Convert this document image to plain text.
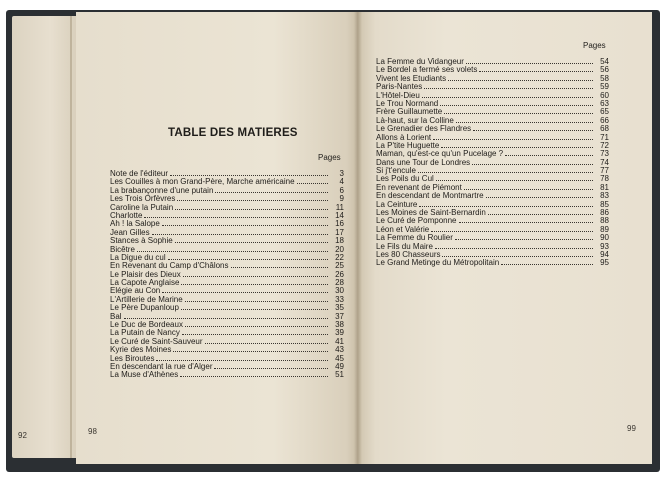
92
TABLE DES MATIERES
Pages
Note de l'éditeur	3
Les Couilles à mon Grand-Père, Marche américaine	4
La brabançonne d'une putain	6
Les Trois Orfèvres	9
Caroline la Putain	11
Charlotte	14
Ah ! la Salope	16
Jean Gilles	17
Stances à Sophie	18
Bicêtre	20
La Digue du cul	22
En Revenant du Camp d'Châlons	25
Le Plaisir des Dieux	26
La Capote Anglaise	28
Elégie au Con	30
L'Artillerie de Marine	33
Le Père Dupanloup	35
Bal	37
Le Duc de Bordeaux	38
La Putain de Nancy	39
Le Curé de Saint-Sauveur	41
Kyrie des Moines	43
Les Biroutes	45
En descendant la rue d'Alger	49
La Muse d'Athènes	51
98
Pages
La Femme du Vidangeur	54
Le Bordel a fermé ses volets	56
Vivent les Etudiants	58
Paris-Nantes	59
L'Hôtel-Dieu	60
Le Trou Normand	63
Frère Guillaumette	65
Là-haut, sur la Colline	66
Le Grenadier des Flandres	68
Allons à Lorient	71
La P'tite Huguette	72
Maman, qu'est-ce qu'un Pucelage ?	73
Dans une Tour de Londres	74
Si j't'encule	77
Les Poils du Cul	78
En revenant de Piémont	81
En descendant de Montmartre	83
La Ceinture	85
Les Moines de Saint-Bernardin	86
Le Curé de Pomponne	88
Léon et Valérie	89
La Femme du Roulier	90
Le Fils du Maire	93
Les 80 Chasseurs	94
Le Grand Metinge du Métropolitain	95
99
